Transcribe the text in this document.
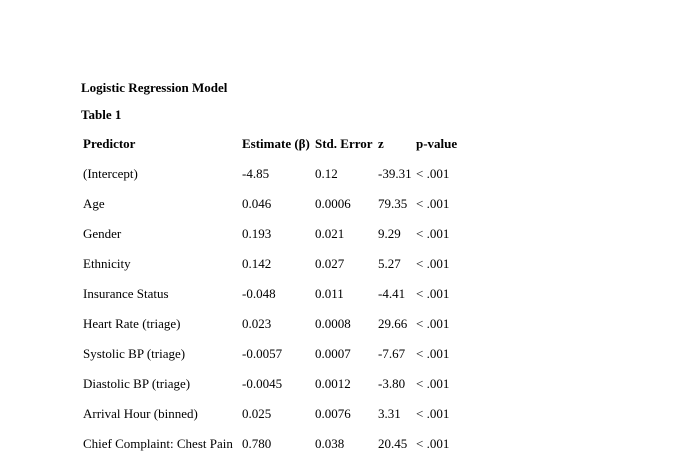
Logistic Regression Model
Table 1
Predictor	Estimate (β)	Std. Error	z	p-value
(Intercept)	-4.85	0.12	-39.31	< .001
Age	0.046	0.0006	79.35	< .001
Gender	0.193	0.021	9.29	< .001
Ethnicity	0.142	0.027	5.27	< .001
Insurance Status	-0.048	0.011	-4.41	< .001
Heart Rate (triage)	0.023	0.0008	29.66	< .001
Systolic BP (triage)	-0.0057	0.0007	-7.67	< .001
Diastolic BP (triage)	-0.0045	0.0012	-3.80	< .001
Arrival Hour (binned)	0.025	0.0076	3.31	< .001
Chief Complaint: Chest Pain	0.780	0.038	20.45	< .001
